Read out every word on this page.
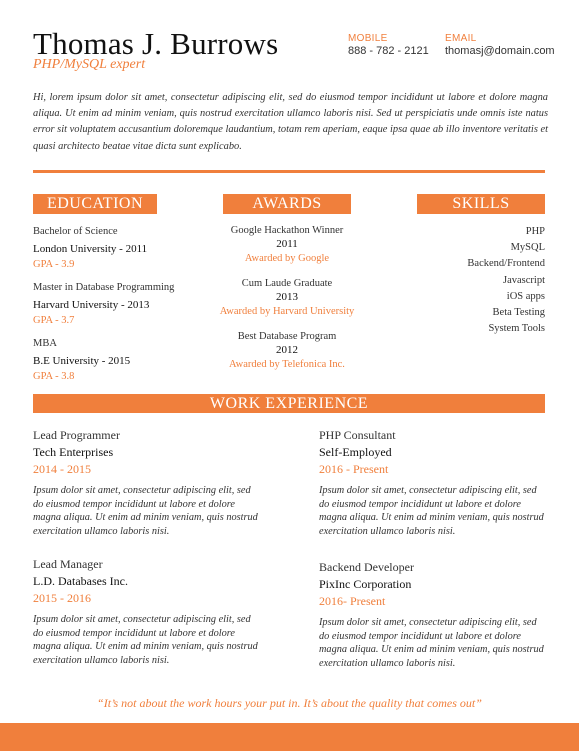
Thomas J. Burrows
PHP/MySQL expert
MOBILE
888 - 782 - 2121
EMAIL
thomasj@domain.com
Hi, lorem ipsum dolor sit amet, consectetur adipiscing elit, sed do eiusmod tempor incididunt ut labore et dolore magna aliqua. Ut enim ad minim veniam, quis nostrud exercitation ullamco laboris nisi. Sed ut perspiciatis unde omnis iste natus error sit voluptatem accusantium doloremque laudantium, totam rem aperiam, eaque ipsa quae ab illo inventore veritatis et quasi architecto beatae vitae dicta sunt explicabo.
EDUCATION	AWARDS	SKILLS
Bachelor of Science
London University - 2011
GPA - 3.9
Master in Database Programming
Harvard University - 2013
GPA - 3.7
MBA
B.E University - 2015
GPA - 3.8
Google Hackathon Winner
2011
Awarded by Google
Cum Laude Graduate
2013
Awarded by Harvard University
Best Database Program
2012
Awarded by Telefonica Inc.
PHP
MySQL
Backend/Frontend
Javascript
iOS apps
Beta Testing
System Tools
WORK EXPERIENCE
Lead Programmer
Tech Enterprises
2014 - 2015
Ipsum dolor sit amet, consectetur adipiscing elit, sed do eiusmod tempor incididunt ut labore et dolore magna aliqua. Ut enim ad minim veniam, quis nostrud exercitation ullamco laboris nisi.
PHP Consultant
Self-Employed
2016 - Present
Ipsum dolor sit amet, consectetur adipiscing elit, sed do eiusmod tempor incididunt ut labore et dolore magna aliqua. Ut enim ad minim veniam, quis nostrud exercitation ullamco laboris nisi.
Lead Manager
L.D. Databases Inc.
2015 - 2016
Ipsum dolor sit amet, consectetur adipiscing elit, sed do eiusmod tempor incididunt ut labore et dolore magna aliqua. Ut enim ad minim veniam, quis nostrud exercitation ullamco laboris nisi.
Backend Developer
PixInc Corporation
2016- Present
Ipsum dolor sit amet, consectetur adipiscing elit, sed do eiusmod tempor incididunt ut labore et dolore magna aliqua. Ut enim ad minim veniam, quis nostrud exercitation ullamco laboris nisi.
“It’s not about the work hours your put in. It’s about the quality that comes out”
